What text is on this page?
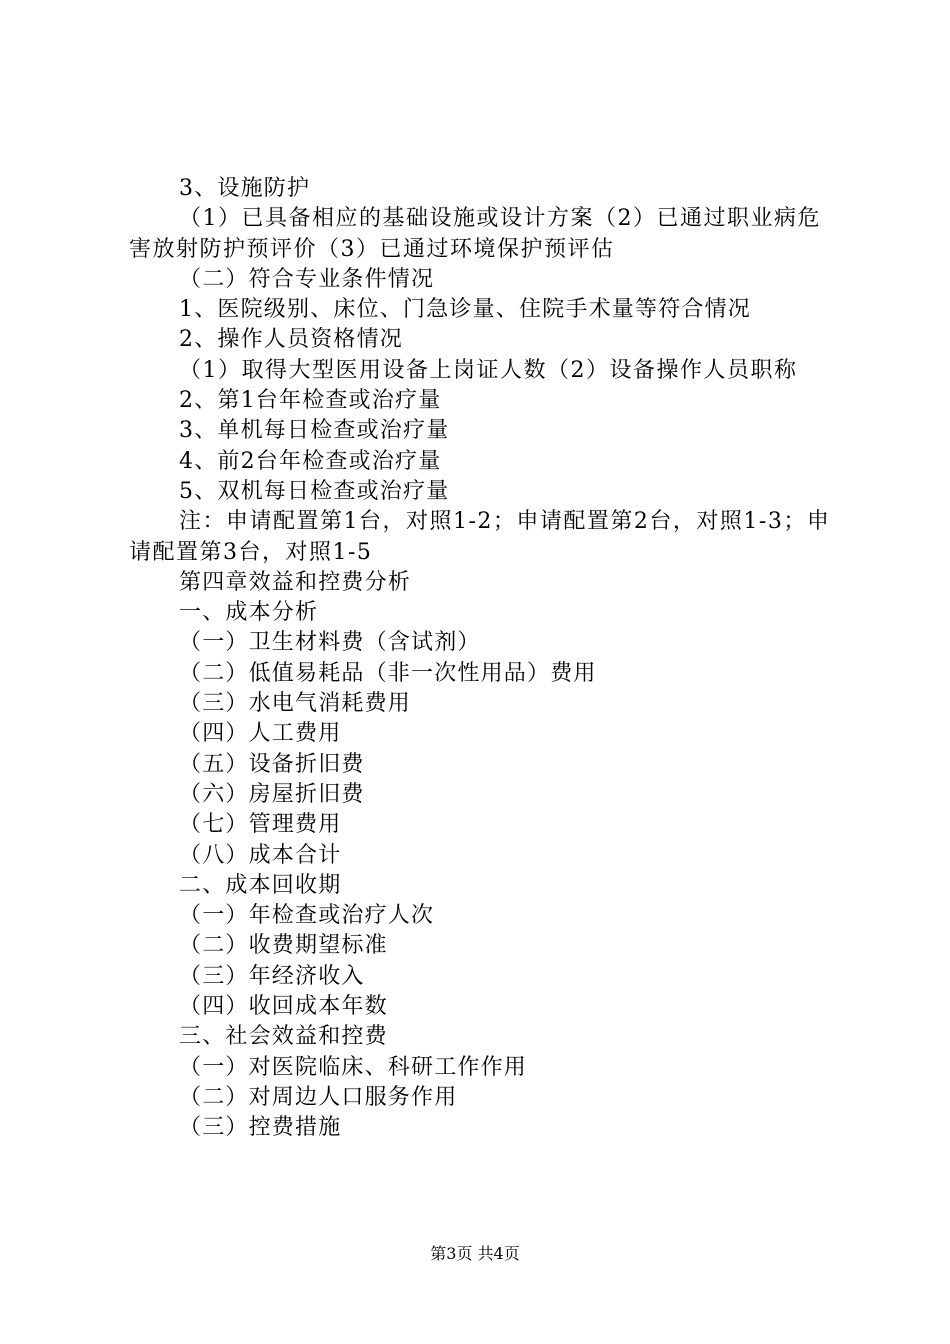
3、设施防护
（1）已具备相应的基础设施或设计方案（2）已通过职业病危害放射防护预评价（3）已通过环境保护预评估
（二）符合专业条件情况
1、医院级别、床位、门急诊量、住院手术量等符合情况
2、操作人员资格情况
（1）取得大型医用设备上岗证人数（2）设备操作人员职称
2、第1台年检查或治疗量
3、单机每日检查或治疗量
4、前2台年检查或治疗量
5、双机每日检查或治疗量
注：申请配置第1台，对照1-2；申请配置第2台，对照1-3；申请配置第3台，对照1-5
第四章效益和控费分析
一、成本分析
（一）卫生材料费（含试剂）
（二）低值易耗品（非一次性用品）费用
（三）水电气消耗费用
（四）人工费用
（五）设备折旧费
（六）房屋折旧费
（七）管理费用
（八）成本合计
二、成本回收期
（一）年检查或治疗人次
（二）收费期望标准
（三）年经济收入
（四）收回成本年数
三、社会效益和控费
（一）对医院临床、科研工作作用
（二）对周边人口服务作用
（三）控费措施
第3页 共4页
